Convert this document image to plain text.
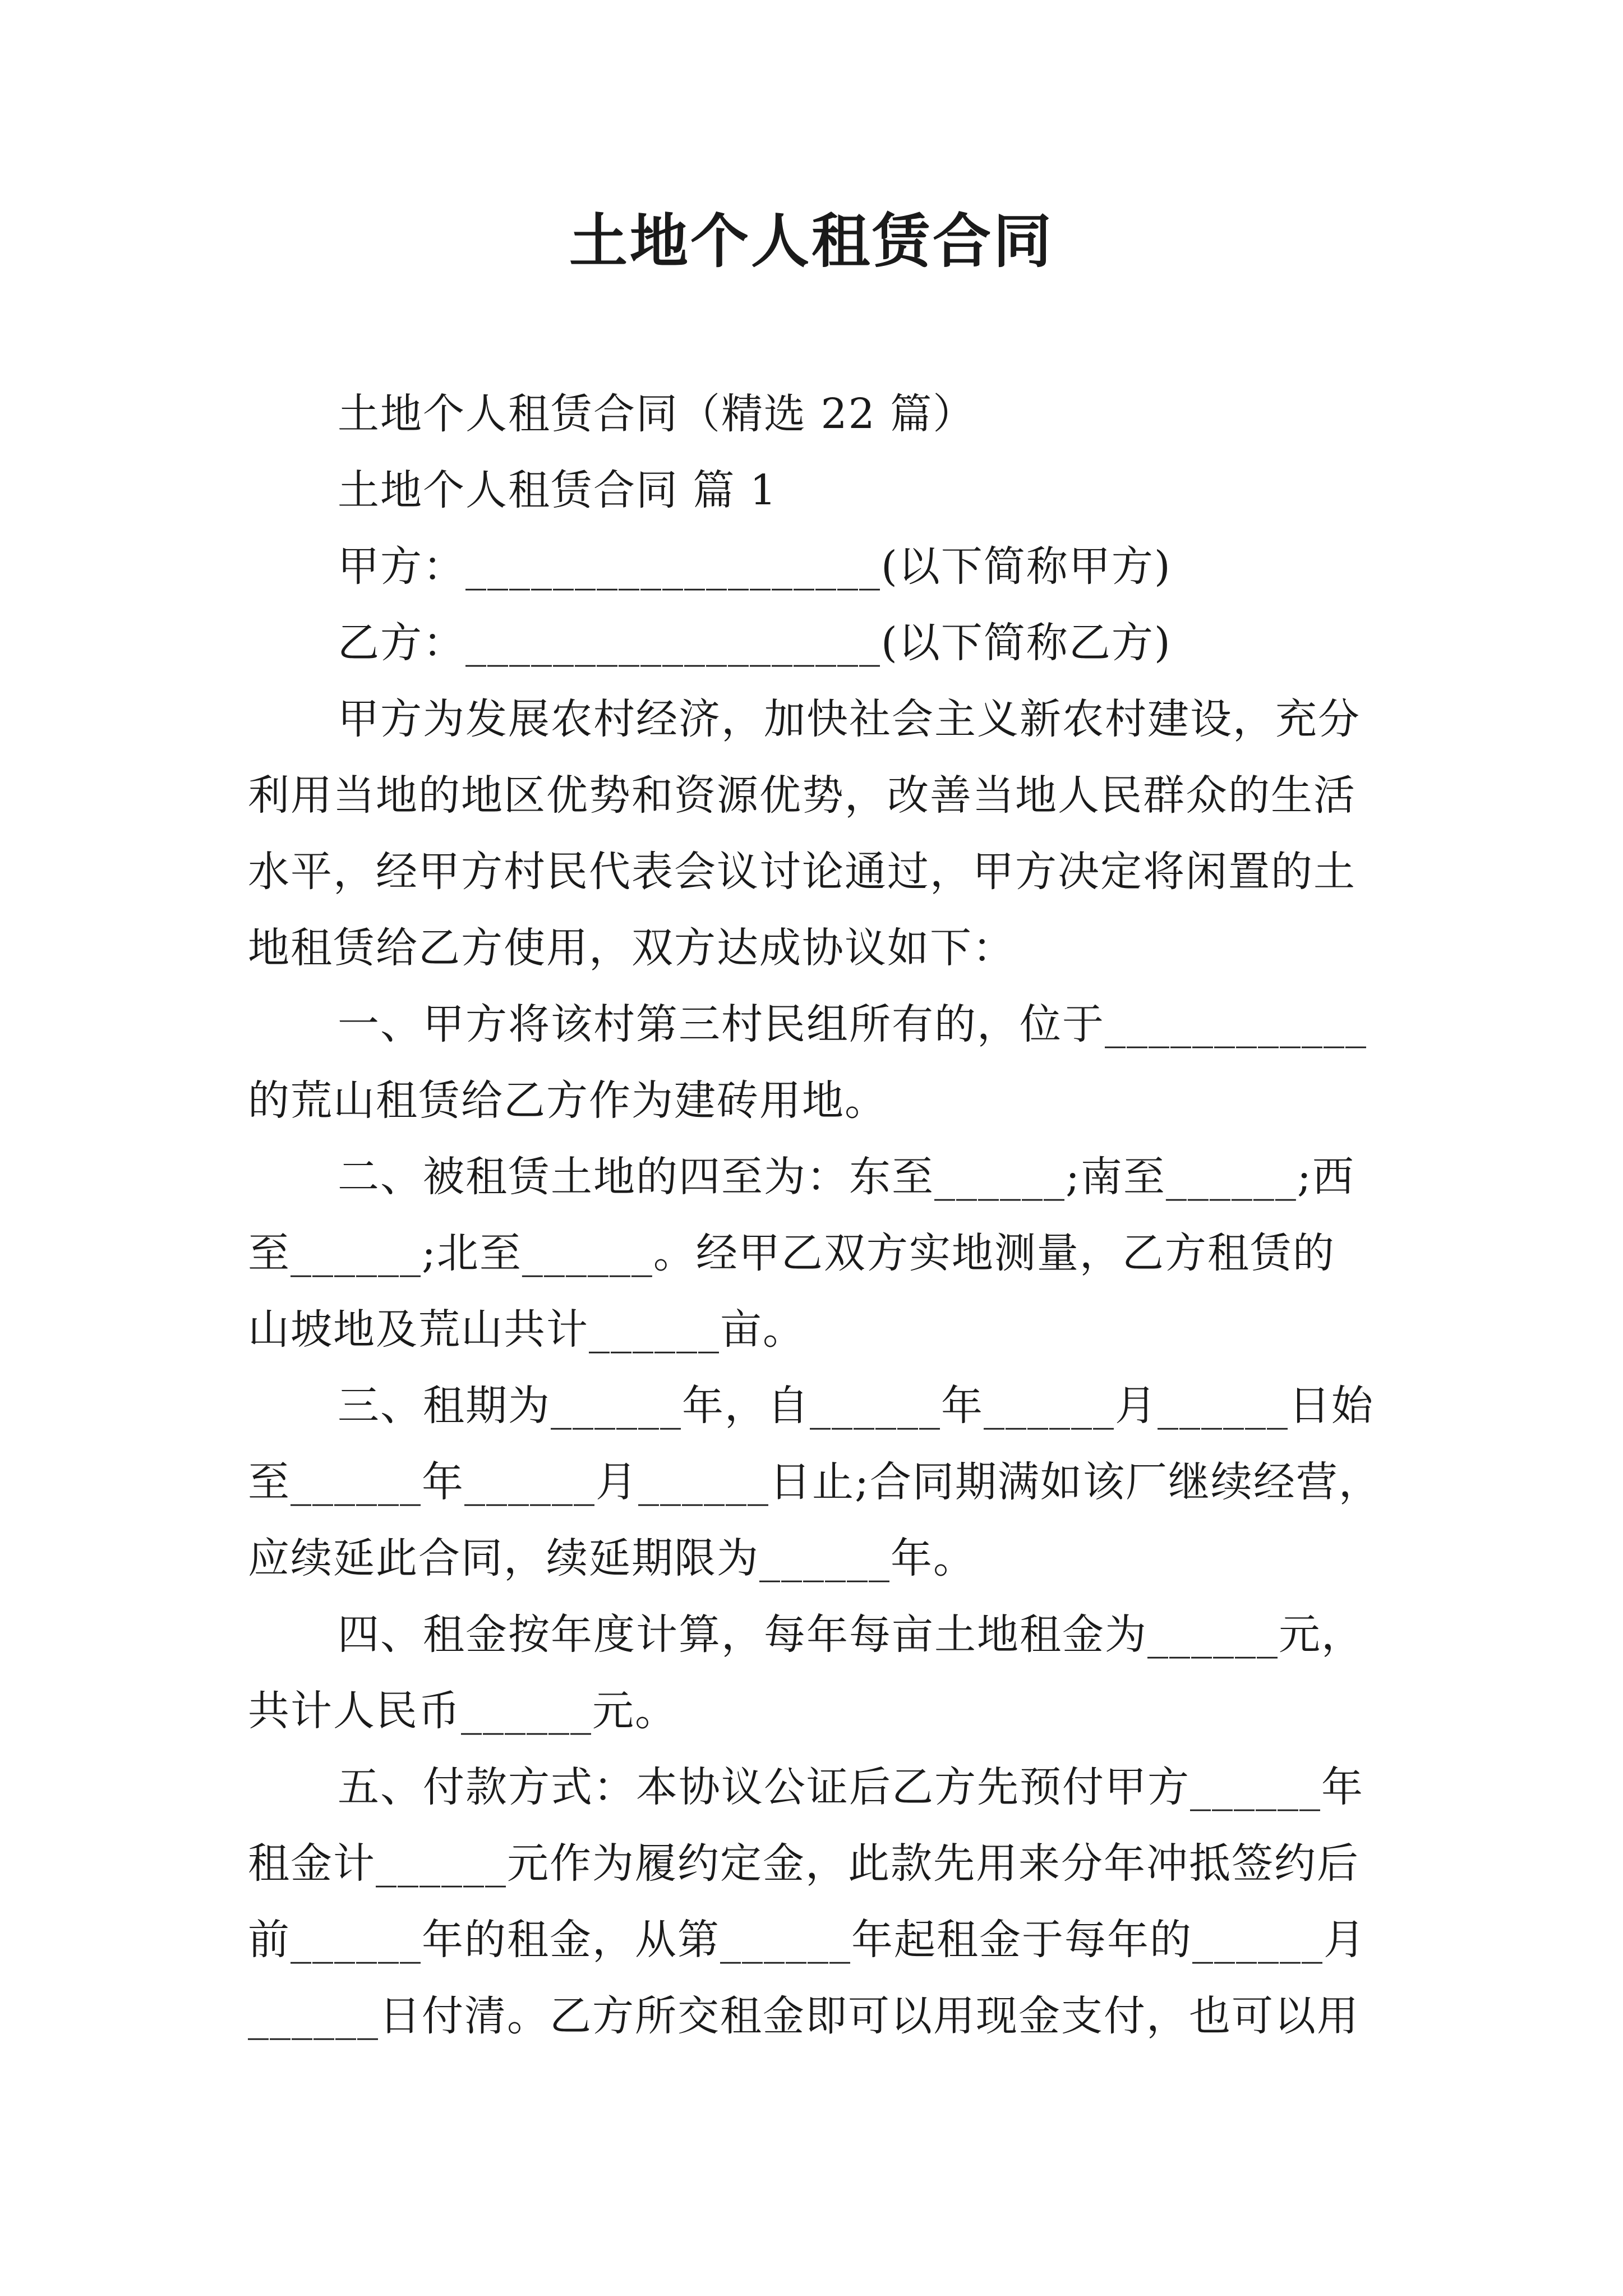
土地个人租赁合同
土地个人租赁合同（精选 22 篇）
土地个人租赁合同 篇 1
甲方：___________________(以下简称甲方)
乙方：___________________(以下简称乙方)
甲方为发展农村经济，加快社会主义新农村建设，充分
利用当地的地区优势和资源优势，改善当地人民群众的生活
水平，经甲方村民代表会议讨论通过，甲方决定将闲置的土
地租赁给乙方使用，双方达成协议如下：
一、甲方将该村第三村民组所有的，位于____________
的荒山租赁给乙方作为建砖用地。
二、被租赁土地的四至为：东至______;南至______;西
至______;北至______。经甲乙双方实地测量，乙方租赁的
山坡地及荒山共计______亩。
三、租期为______年，自______年______月______日始
至______年______月______日止;合同期满如该厂继续经营，
应续延此合同，续延期限为______年。
四、租金按年度计算，每年每亩土地租金为______元，
共计人民币______元。
五、付款方式：本协议公证后乙方先预付甲方______年
租金计______元作为履约定金，此款先用来分年冲抵签约后
前______年的租金，从第______年起租金于每年的______月
______日付清。乙方所交租金即可以用现金支付，也可以用
